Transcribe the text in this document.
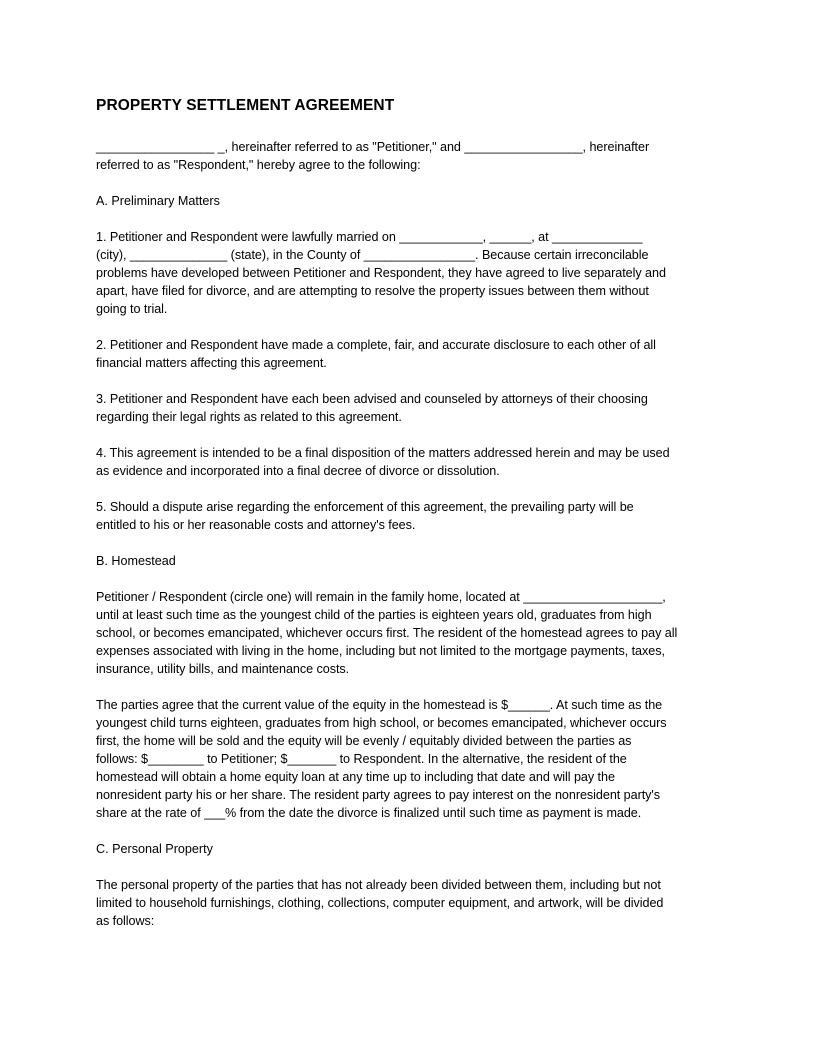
PROPERTY SETTLEMENT AGREEMENT

_________________ _, hereinafter referred to as "Petitioner," and _________________, hereinafter
referred to as "Respondent," hereby agree to the following:

A. Preliminary Matters

1. Petitioner and Respondent were lawfully married on ____________, ______, at _____________
(city), ______________ (state), in the County of ________________. Because certain irreconcilable
problems have developed between Petitioner and Respondent, they have agreed to live separately and
apart, have filed for divorce, and are attempting to resolve the property issues between them without
going to trial.

2. Petitioner and Respondent have made a complete, fair, and accurate disclosure to each other of all
financial matters affecting this agreement.

3. Petitioner and Respondent have each been advised and counseled by attorneys of their choosing
regarding their legal rights as related to this agreement.

4. This agreement is intended to be a final disposition of the matters addressed herein and may be used
as evidence and incorporated into a final decree of divorce or dissolution.

5. Should a dispute arise regarding the enforcement of this agreement, the prevailing party will be
entitled to his or her reasonable costs and attorney's fees.

B. Homestead

Petitioner / Respondent (circle one) will remain in the family home, located at ____________________,
until at least such time as the youngest child of the parties is eighteen years old, graduates from high
school, or becomes emancipated, whichever occurs first. The resident of the homestead agrees to pay all
expenses associated with living in the home, including but not limited to the mortgage payments, taxes,
insurance, utility bills, and maintenance costs.

The parties agree that the current value of the equity in the homestead is $______. At such time as the
youngest child turns eighteen, graduates from high school, or becomes emancipated, whichever occurs
first, the home will be sold and the equity will be evenly / equitably divided between the parties as
follows: $________ to Petitioner; $_______ to Respondent. In the alternative, the resident of the
homestead will obtain a home equity loan at any time up to including that date and will pay the
nonresident party his or her share. The resident party agrees to pay interest on the nonresident party's
share at the rate of ___% from the date the divorce is finalized until such time as payment is made.

C. Personal Property

The personal property of the parties that has not already been divided between them, including but not
limited to household furnishings, clothing, collections, computer equipment, and artwork, will be divided
as follows:
